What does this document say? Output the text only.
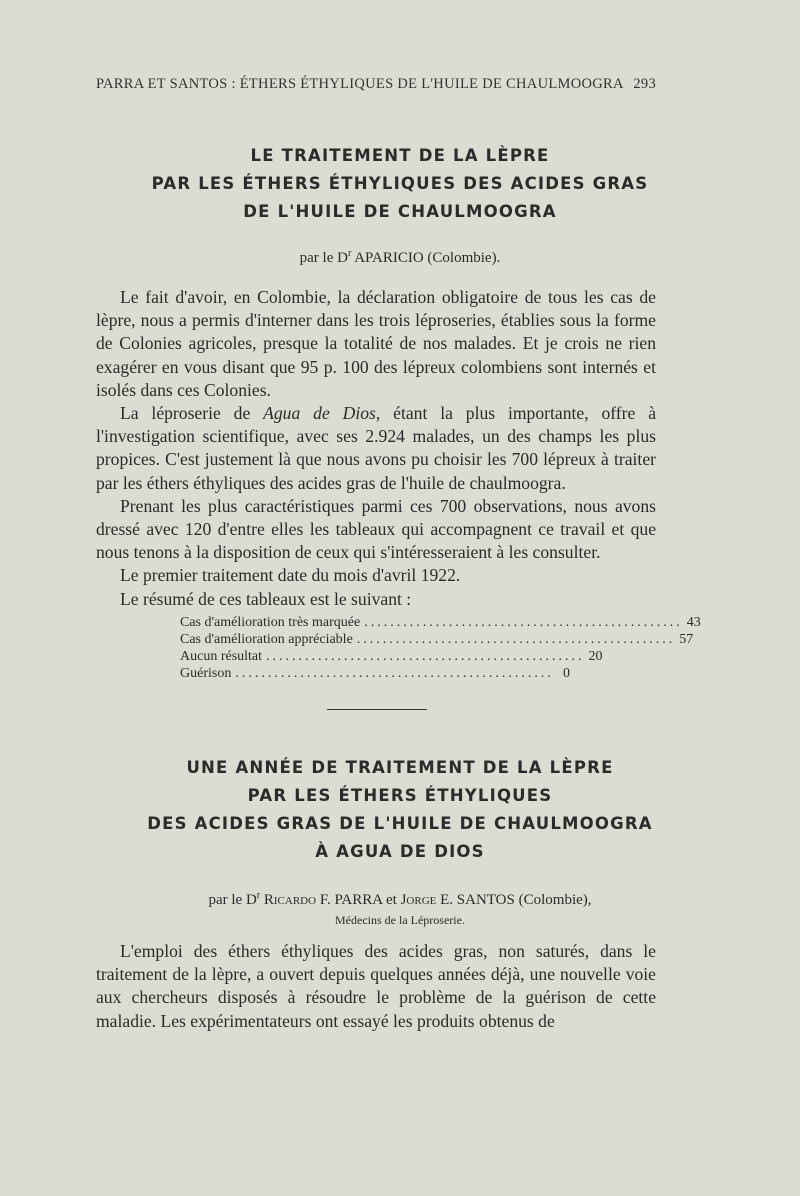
PARRA ET SANTOS : ÉTHERS ÉTHYLIQUES DE L'HUILE DE CHAULMOOGRA 293
LE TRAITEMENT DE LA LÈPRE
PAR LES ÉTHERS ÉTHYLIQUES DES ACIDES GRAS
DE L'HUILE DE CHAULMOOGRA
par le $D^r$ APARICIO (Colombie).

Le fait d'avoir, en Colombie, la déclaration obligatoire de tous les cas de lèpre, nous a permis d'interner dans les trois léproseries, établies sous la forme de Colonies agricoles, presque la totalité de nos malades. Et je crois ne rien exagérer en vous disant que 95 p. 100 des lépreux colombiens sont internés et isolés dans ces Colonies.

La léproserie de Agua de Dios, étant la plus importante, offre à l'investigation scientifique, avec ses 2.924 malades, un des champs les plus propices. C'est justement là que nous avons pu choisir les 700 lépreux à traiter par les éthers éthyliques des acides gras de l'huile de chaulmoogra.

Prenant les plus caractéristiques parmi ces 700 observations, nous avons dressé avec 120 d'entre elles les tableaux qui accompagnent ce travail et que nous tenons à la disposition de ceux qui s'intéresseraient à les consulter.

Le premier traitement date du mois d'avril 1922.

Le résumé de ces tableaux est le suivant :

Cas d'amélioration très marquée ................................................. 43
Cas d'amélioration appréciable ................................................. 57
Aucun résultat ................................................. 20
Guérison ................................................. 0
UNE ANNÉE DE TRAITEMENT DE LA LÈPRE
PAR LES ÉTHERS ÉTHYLIQUES
DES ACIDES GRAS DE L'HUILE DE CHAULMOOGRA
À AGUA DE DIOS
par le $D^r$ Ricardo F. PARRA et Jorge E. SANTOS (Colombie),
Médecins de la Léproserie.

L'emploi des éthers éthyliques des acides gras, non saturés, dans le traitement de la lèpre, a ouvert depuis quelques années déjà, une nouvelle voie aux chercheurs disposés à résoudre le problème de la guérison de cette maladie. Les expérimentateurs ont essayé les produits obtenus de
